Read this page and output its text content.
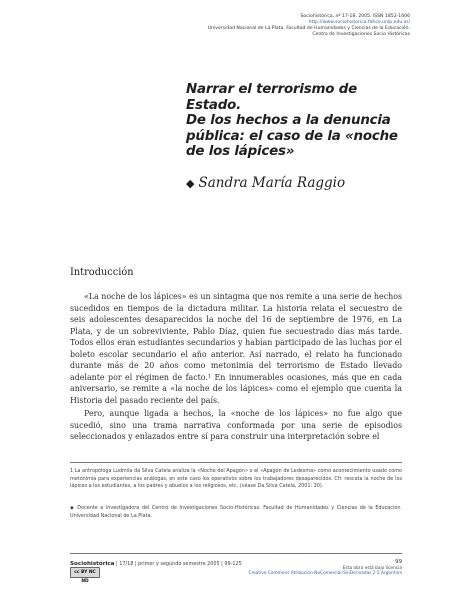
Sociohistórica, nº 17-18, 2005. ISSN 1852-1606
http://www.sociohistorica.fahce.unlp.edu.ar/
Universidad Nacional de La Plata. Facultad de Humanidades y Ciencias de la Educación.
Centro de Investigaciones Socio Históricas
Narrar el terrorismo de Estado.
De los hechos a la denuncia
pública: el caso de la «noche
de los lápices»
◆ Sandra María Raggio
Introducción
«La noche de los lápices» es un sintagma que nos remite a una serie de hechos sucedidos en tiempos de la dictadura militar. La historia relata el secuestro de seis adolescentes desaparecidos la noche del 16 de septiembre de 1976, en La Plata, y de un sobreviviente, Pablo Díaz, quien fue secuestrado días más tarde. Todos ellos eran estudiantes secundarios y habían participado de las luchas por el boleto escolar secundario el año anterior. Así narrado, el relato ha funcionado durante más de 20 años como metonimia del terrorismo de Estado llevado adelante por el régimen de facto.¹ En innumerables ocasiones, más que en cada aniversario, se remite a «la noche de los lápices» como el ejemplo que cuenta la Historia del pasado reciente del país.
Pero, aunque ligada a hechos, la «noche de los lápices» no fue algo que sucedió, sino una trama narrativa conformada por una serie de episodios seleccionados y enlazados entre sí para construir una interpretación sobre el
1 La antropóloga Ludmila da Silva Catela analiza la «Noche del Apagón» o el «Apagón de Ledesma» como acontecimiento usado como metonimia para experiencias análogas, en este caso los operativos sobre los trabajadores desaparecidos. Cfr. rescata la noche de los lápices a los estudiantes, a los padres y abuelos a los religiosos, etc. (véase Da Silva Catela, 2001: 30).
◆ Docente e investigadora del Centro de Investigaciones Socio-Históricas. Facultad de Humanidades y Ciencias de la Educación. Universidad Nacional de La Plata.
Sociohistórica | 17/18 | primer y segundo semestre 2005 | 99-125	99
cc BY NC ND
Esta obra está bajo licencia
Creative Commons Atribución-NoComercial-SinDerivadas 2.5 Argentina
